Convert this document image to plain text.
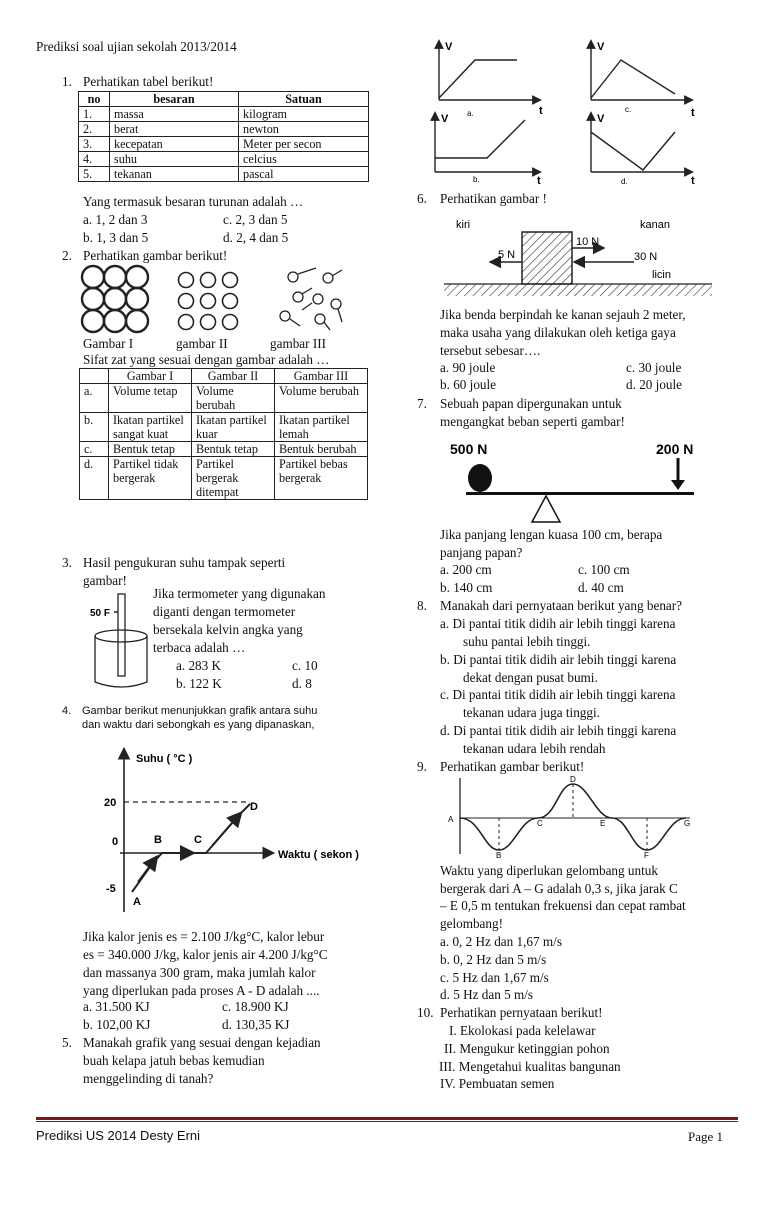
Prediksi soal ujian sekolah 2013/2014
1. Perhatikan tabel berikut!
no	besaran	Satuan
1.	massa	kilogram
2.	berat	newton
3.	kecepatan	Meter per secon
4.	suhu	celcius
5.	tekanan	pascal
Yang termasuk besaran turunan adalah …
a. 1, 2 dan 3	c. 2, 3 dan 5
b. 1, 3 dan 5	d. 2, 4 dan 5
2. Perhatikan gambar berikut!
Gambar I	gambar II	gambar III
Sifat zat yang sesuai dengan gambar adalah …
	Gambar I	Gambar II	Gambar III
a.	Volume tetap	Volume berubah	Volume berubah
b.	Ikatan partikel sangat kuat	Ikatan partikel kuar	Ikatan partikel lemah
c.	Bentuk tetap	Bentuk tetap	Bentuk berubah
d.	Partikel tidak bergerak	Partikel bergerak ditempat	Partikel bebas bergerak
3. Hasil pengukuran suhu tampak seperti
gambar!
50 F
Jika termometer yang digunakan
diganti dengan termometer
bersekala kelvin angka yang
terbaca adalah …
a. 283 K	c. 10
b. 122 K	d. 8
4. Gambar berikut menunjukkan grafik antara suhu
dan waktu dari sebongkah es yang dipanaskan,
Suhu ( °C )
Waktu ( sekon )
20
0
-5
A
B	C
D
Jika kalor jenis es = 2.100 J/kg°C, kalor lebur
es = 340.000 J/kg, kalor jenis air 4.200 J/kg°C
dan massanya 300 gram, maka jumlah kalor
yang diperlukan pada proses A - D adalah ....
a. 31.500 KJ	c. 18.900 KJ
b. 102,00 KJ	d. 130,35 KJ
5. Manakah grafik yang sesuai dengan kejadian
buah kelapa jatuh bebas kemudian
menggelinding di tanah?
V
t
V
t
V
t
V
t
a.	c.
b.	d.
6. Perhatikan gambar !
kiri	kanan
5 N
10 N
30 N
licin
Jika benda berpindah ke kanan sejauh 2 meter,
maka usaha yang dilakukan oleh ketiga gaya
tersebut sebesar….
a. 90 joule	c. 30 joule
b. 60 joule	d. 20 joule
7. Sebuah papan dipergunakan untuk
mengangkat beban seperti gambar!
500 N	200 N
Jika panjang lengan kuasa 100 cm, berapa
panjang papan?
a. 200 cm	c. 100 cm
b. 140 cm	d. 40 cm
8. Manakah dari pernyataan berikut yang benar?
a. Di pantai titik didih air lebih tinggi karena
suhu pantai lebih tinggi.
b. Di pantai titik didih air lebih tinggi karena
dekat dengan pusat bumi.
c. Di pantai titik didih air lebih tinggi karena
tekanan udara juga tinggi.
d. Di pantai titik didih air lebih tinggi karena
tekanan udara lebih rendah
9. Perhatikan gambar berikut!
A
B
C
D
E
F
G
Waktu yang diperlukan gelombang untuk
bergerak dari A – G adalah 0,3 s, jika jarak C
– E 0,5 m tentukan frekuensi dan cepat rambat
gelombang!
a. 0, 2 Hz dan 1,67 m/s
b. 0, 2 Hz dan 5 m/s
c. 5 Hz dan 1,67 m/s
d. 5 Hz dan 5 m/s
10. Perhatikan pernyataan berikut!
I. Ekolokasi pada kelelawar
II. Mengukur ketinggian pohon
III. Mengetahui kualitas bangunan
IV. Pembuatan semen
Prediksi US 2014 Desty Erni	Page 1
